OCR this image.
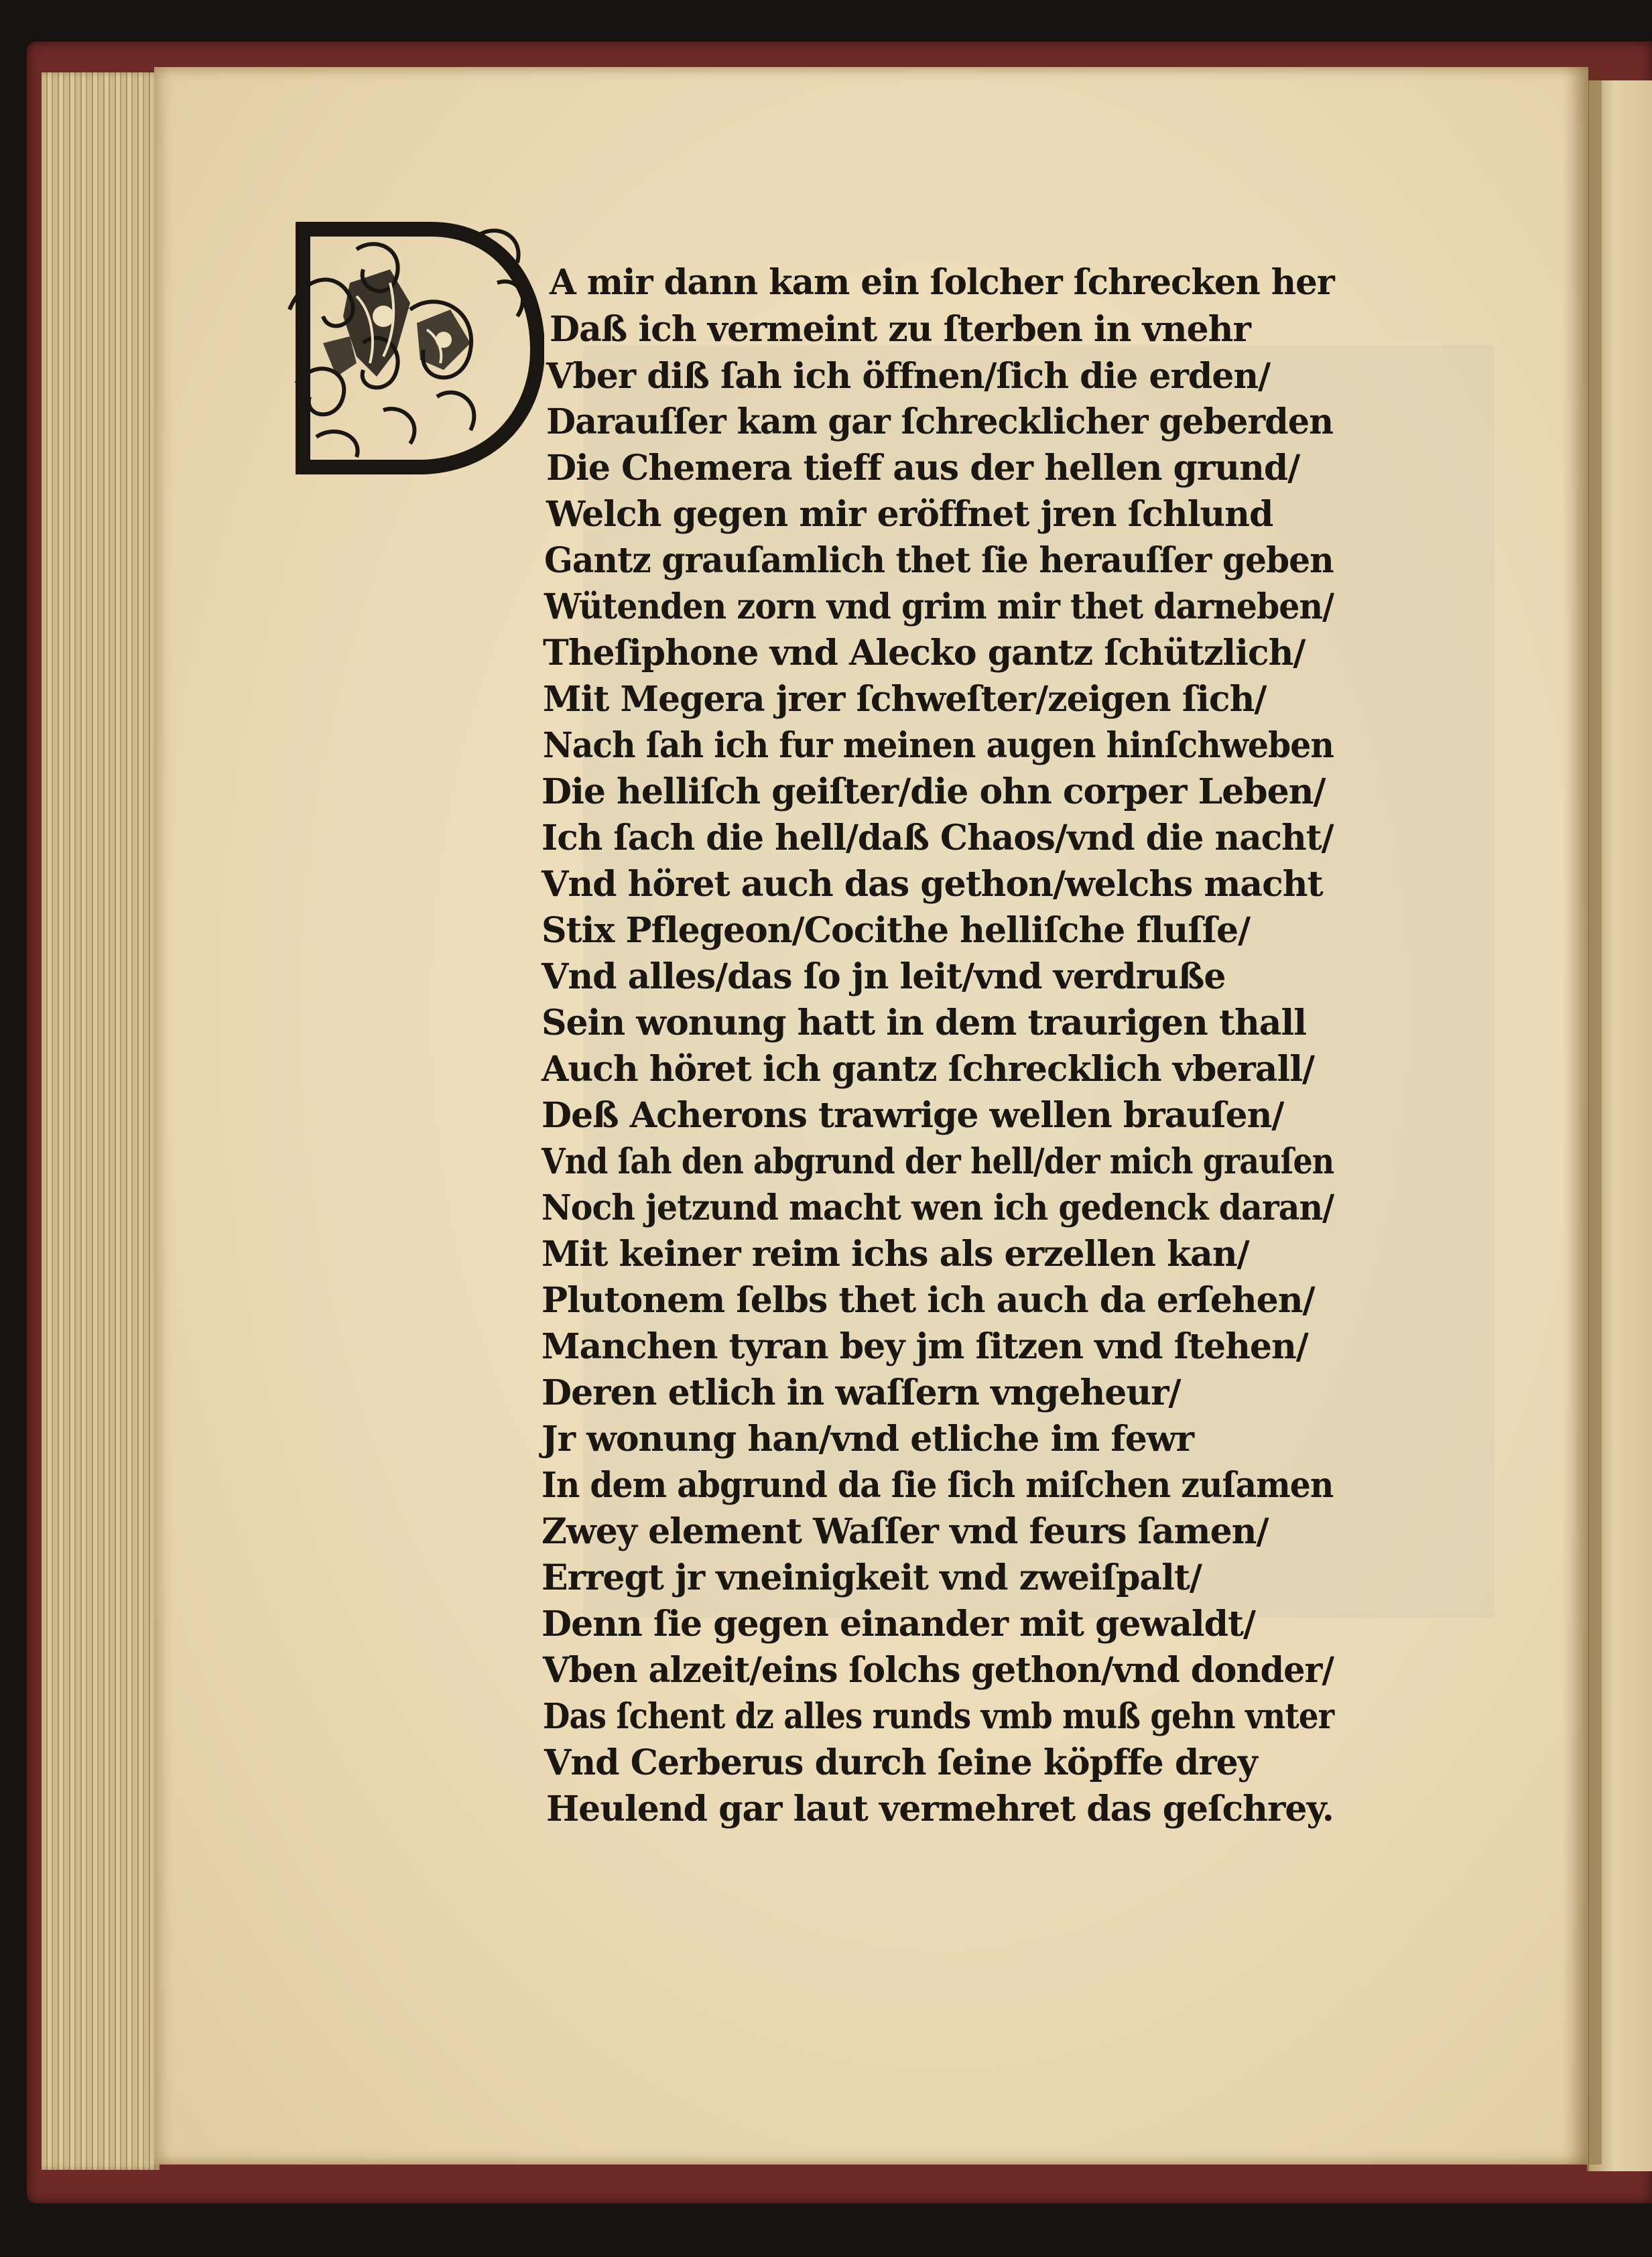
A mir dann kam ein ſolcher ſchrecken her
Daß ich vermeint zu ſterben in vnehr
Vber diß ſah ich öffnen/ſich die erden/
Darauſſer kam gar ſchrecklicher geberden
Die Chemera tieff aus der hellen grund/
Welch gegen mir eröffnet jren ſchlund
Gantz grauſamlich thet ſie herauſſer geben
Wütenden zorn vnd grim mir thet darneben/
Theſiphone vnd Alecko gantz ſchützlich/
Mit Megera jrer ſchweſter/zeigen ſich/
Nach ſah ich fur meinen augen hinſchweben
Die helliſch geiſter/die ohn corper Leben/
Ich ſach die hell/daß Chaos/vnd die nacht/
Vnd höret auch das gethon/welchs macht
Stix Pflegeon/Cocithe helliſche fluſſe/
Vnd alles/das ſo jn leit/vnd verdruße
Sein wonung hatt in dem traurigen thall
Auch höret ich gantz ſchrecklich vberall/
Deß Acherons trawrige wellen brauſen/
Vnd ſah den abgrund der hell/der mich grauſen
Noch jetzund macht wen ich gedenck daran/
Mit keiner reim ichs als erzellen kan/
Plutonem ſelbs thet ich auch da erſehen/
Manchen tyran bey jm ſitzen vnd ſtehen/
Deren etlich in waſſern vngeheur/
Jr wonung han/vnd etliche im fewr
In dem abgrund da ſie ſich miſchen zuſamen
Zwey element Waſſer vnd feurs ſamen/
Erregt jr vneinigkeit vnd zweiſpalt/
Denn ſie gegen einander mit gewaldt/
Vben alzeit/eins ſolchs gethon/vnd donder/
Das ſchent dz alles runds vmb muß gehn vnter
Vnd Cerberus durch ſeine köpffe drey
Heulend gar laut vermehret das geſchrey.
